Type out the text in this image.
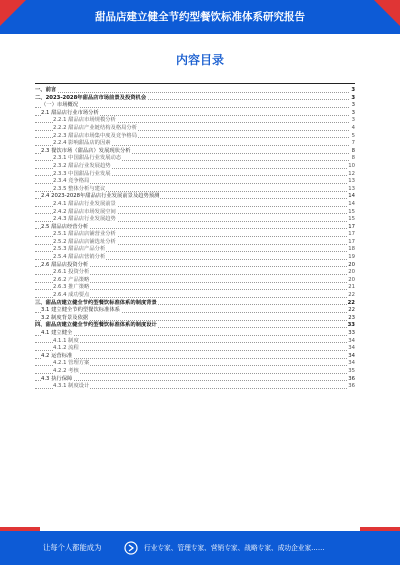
甜品店建立健全节约型餐饮标准体系研究报告
内容目录
一、前言	3
二、2023-2028年甜品店市场前景及投资机会	3
（一）市场概况	3
2.1 甜品店行业市场分析	3
2.2.1 甜品店市场规模分析	3
2.2.2 甜品店产业链结构及格局分析	4
2.2.3 甜品店市场集中度及竞争格局	5
2.2.4 影响甜品店的因素	7
2.3 餐饮市场（甜品店）发展现状分析	8
2.3.1 中国甜品行业发展动态	8
2.3.2 甜品行业发展趋势	10
2.3.3 中国甜品行业发展	12
2.3.4 竞争格局	13
2.3.5 整体分析与建议	13
2.4 2023-2028年甜品店行业发展前景及趋势预测	14
2.4.1 甜品店行业发展前景	14
2.4.2 甜品店市场发展空间	15
2.4.3 甜品店行业发展趋势	15
2.5 甜品店经营分析	17
2.5.1 甜品店店铺营业分析	17
2.5.2 甜品店店铺选址分析	17
2.5.3 甜品店产品分析	18
2.5.4 甜品店营销分析	19
2.6 甜品店投资分析	20
2.6.1 投资分析	20
2.6.2 产品策略	20
2.6.3 推广策略	21
2.6.4 成功要点	22
三、甜品店建立健全节约型餐饮标准体系的制度背景	22
3.1 建立健全节约型餐饮标准体系	22
3.2 制度背景及依据	23
四、甜品店建立健全节约型餐饮标准体系的制度设计	33
4.1 建立健全	33
4.1.1 制度	34
4.1.2 流程	34
4.2 运营标准	34
4.2.1 管理方案	34
4.2.2 考核	35
4.3 执行保障	36
4.3.1 制度设计	36
让每个人都能成为	行业专家、管理专家、营销专家、战略专家、成功企业家……
